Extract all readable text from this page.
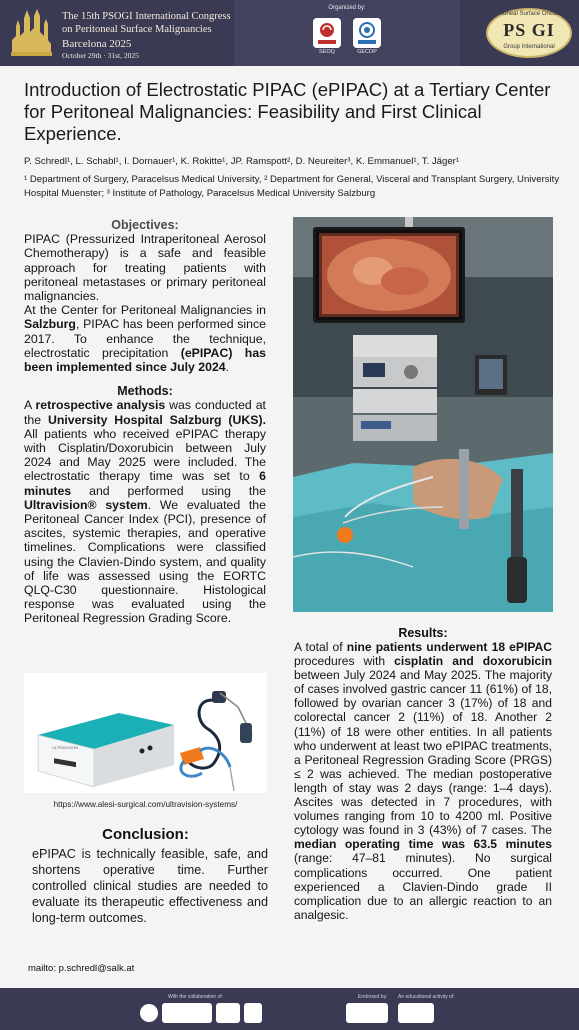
The 15th PSOGI International Congress
on Peritoneal Surface Malignancies
Barcelona 2025
October 29th · 31st, 2025
Organized by:
SEOQ	GECOP
Peritoneal Surface Oncology
PS GI
Group International
Introduction of Electrostatic PIPAC (ePIPAC) at a Tertiary Center for Peritoneal Malignancies: Feasibility and First Clinical Experience.
P. Schredl¹, L. Schabl¹, I. Dornauer¹, K. Rokitte¹, JP. Ramspott², D. Neureiter³, K. Emmanuel¹, T. Jäger¹
¹ Department of Surgery, Paracelsus Medical University, ² Department for General, Visceral and Transplant Surgery, University Hospital Muenster; ³ Institute of Pathology, Paracelsus Medical University Salzburg
Objectives:

PIPAC (Pressurized Intraperitoneal Aerosol Chemotherapy) is a safe and feasible approach for treating patients with peritoneal metastases or primary peritoneal malignancies.

At the Center for Peritoneal Malignancies in Salzburg, PIPAC has been performed since 2017. To enhance the technique, electrostatic precipitation (ePIPAC) has been implemented since July 2024.

Methods:

A retrospective analysis was conducted at the University Hospital Salzburg (UKS). All patients who received ePIPAC therapy with Cisplatin/Doxorubicin between July 2024 and May 2025 were included. The electrostatic therapy time was set to 6 minutes and performed using the Ultravision® system. We evaluated the Peritoneal Cancer Index (PCI), presence of ascites, systemic therapies, and operative timelines. Complications were classified using the Clavien-Dindo system, and quality of life was assessed using the EORTC QLQ-C30 questionnaire. Histological response was evaluated using the Peritoneal Regression Grading Score.

ULTRAVISION
https://www.alesi-surgical.com/ultravision-systems/
Conclusion:
ePIPAC is technically feasible, safe, and shortens operative time. Further controlled clinical studies are needed to evaluate its therapeutic effectiveness and long-term outcomes.
mailto: p.schredl@salk.at
Results:

A total of nine patients underwent 18 ePIPAC procedures with cisplatin and doxorubicin between July 2024 and May 2025. The majority of cases involved gastric cancer 11 (61%) of 18, followed by ovarian cancer 3 (17%) of 18 and colorectal cancer 2 (11%) of 18. Another 2 (11%) of 18 were other entities. In all patients who underwent at least two ePIPAC treatments, a Peritoneal Regression Grading Score (PRGS) ≤ 2 was achieved. The median postoperative length of stay was 2 days (range: 1–4 days). Ascites was detected in 7 procedures, with volumes ranging from 10 to 4200 ml. Positive cytology was found in 3 (43%) of 7 cases. The median operating time was 63.5 minutes (range: 47–81 minutes). No surgical complications occurred. One patient experienced a Clavien-Dindo grade II complication due to an allergic reaction to an analgesic.

With the collaboration of:	Endorsed by: An educational activity of:
